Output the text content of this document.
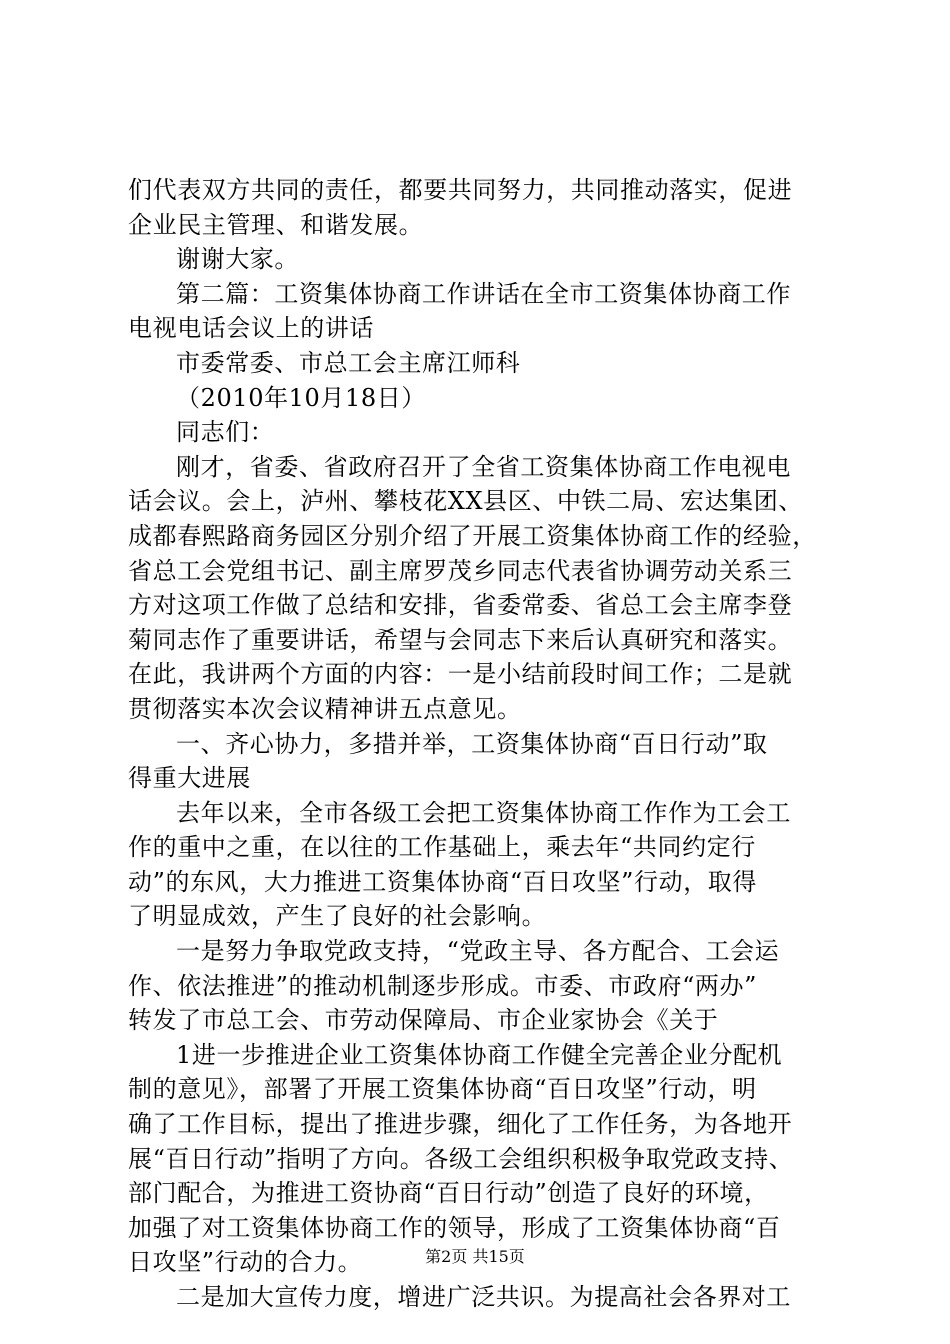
们代表双方共同的责任，都要共同努力，共同推动落实，促进
企业民主管理、和谐发展。
谢谢大家。
第二篇：工资集体协商工作讲话在全市工资集体协商工作
电视电话会议上的讲话
市委常委、市总工会主席江师科
（2010年10月18日）
同志们：
刚才，省委、省政府召开了全省工资集体协商工作电视电
话会议。会上，泸州、攀枝花XX县区、中铁二局、宏达集团、
成都春熙路商务园区分别介绍了开展工资集体协商工作的经验，
省总工会党组书记、副主席罗茂乡同志代表省协调劳动关系三
方对这项工作做了总结和安排，省委常委、省总工会主席李登
菊同志作了重要讲话，希望与会同志下来后认真研究和落实。
在此，我讲两个方面的内容：一是小结前段时间工作；二是就
贯彻落实本次会议精神讲五点意见。
一、齐心协力，多措并举，工资集体协商“百日行动”取
得重大进展
去年以来，全市各级工会把工资集体协商工作作为工会工
作的重中之重，在以往的工作基础上，乘去年“共同约定行
动”的东风，大力推进工资集体协商“百日攻坚”行动，取得
了明显成效，产生了良好的社会影响。
一是努力争取党政支持，“党政主导、各方配合、工会运
作、依法推进”的推动机制逐步形成。市委、市政府“两办”
转发了市总工会、市劳动保障局、市企业家协会《关于
1进一步推进企业工资集体协商工作健全完善企业分配机
制的意见》，部署了开展工资集体协商“百日攻坚”行动，明
确了工作目标，提出了推进步骤，细化了工作任务，为各地开
展“百日行动”指明了方向。各级工会组织积极争取党政支持、
部门配合，为推进工资协商“百日行动”创造了良好的环境，
加强了对工资集体协商工作的领导，形成了工资集体协商“百
日攻坚”行动的合力。
二是加大宣传力度，增进广泛共识。为提高社会各界对工
第2页 共15页
